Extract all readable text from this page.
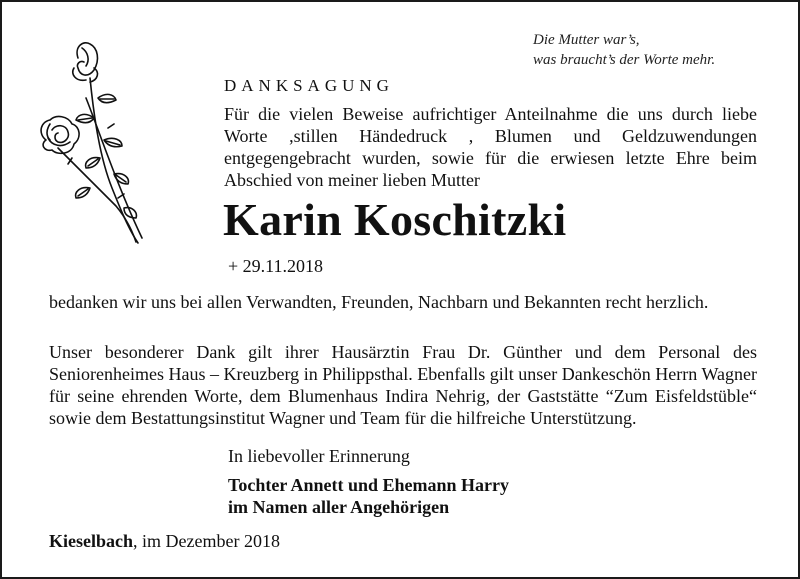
Die Mutter war’s,
was braucht’s der Worte mehr.
DANKSAGUNG
Für die vielen Beweise aufrichtiger Anteilnahme die uns durch liebe Worte ,stillen Händedruck , Blumen und Geldzuwendungen entgegengebracht wurden, sowie für die erwiesen letzte Ehre beim Abschied von meiner lieben Mutter
Karin Koschitzki
+ 29.11.2018
bedanken wir uns bei allen Verwandten, Freunden, Nachbarn und Bekannten recht herzlich.
Unser besonderer Dank gilt ihrer Hausärztin Frau Dr. Günther und dem Personal des Seniorenheimes Haus – Kreuzberg in Philippsthal. Ebenfalls gilt unser Dankeschön Herrn Wagner für seine ehrenden Worte, dem Blumenhaus Indira Nehrig, der Gaststätte “Zum Eisfeldstüble“ sowie dem Bestattungsinstitut Wagner und Team für die hilfreiche Unterstützung.
In liebevoller Erinnerung
Tochter Annett und Ehemann Harry
im Namen aller Angehörigen
Kieselbach, im Dezember 2018
